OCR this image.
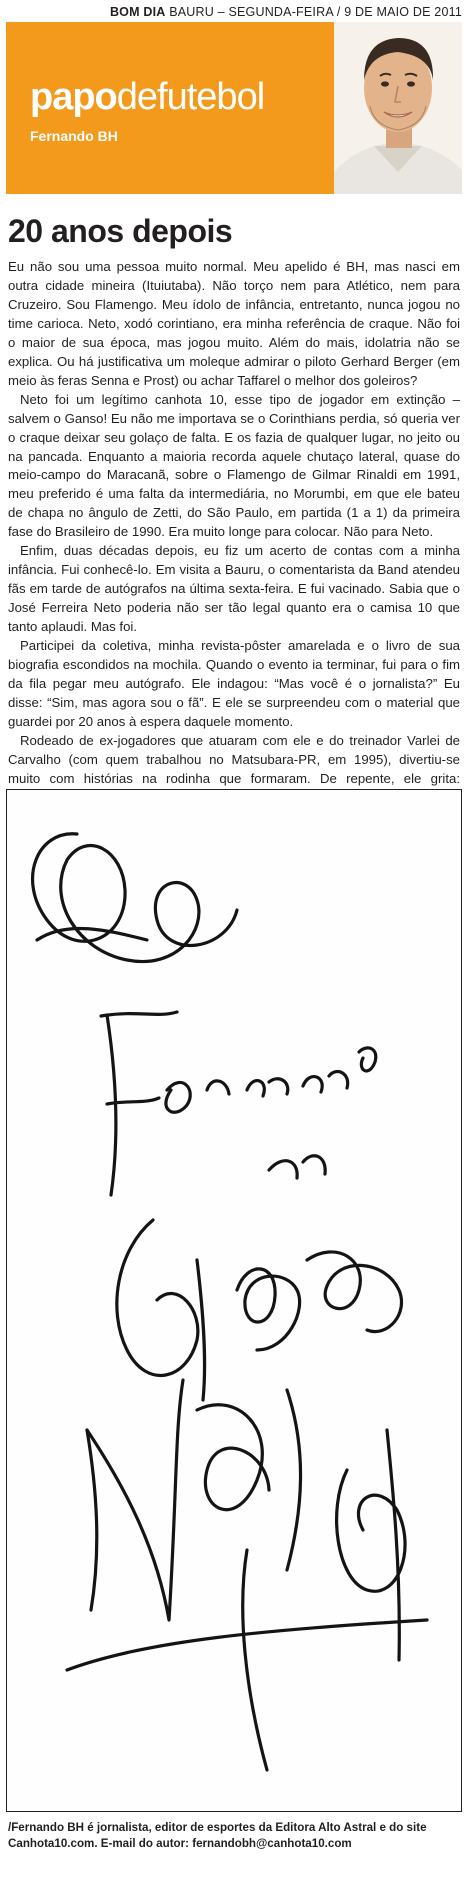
BOM DIA BAURU – SEGUNDA-FEIRA / 9 DE MAIO DE 2011
papodefutebol
Fernando BH
20 anos depois

Eu não sou uma pessoa muito normal. Meu apelido é BH, mas nasci em outra cidade mineira (Ituiutaba). Não torço nem para Atlético, nem para Cruzeiro. Sou Flamengo. Meu ídolo de infância, entretanto, nunca jogou no time carioca. Neto, xodó corintiano, era minha referência de craque. Não foi o maior de sua época, mas jogou muito. Além do mais, idolatria não se explica. Ou há justificativa um moleque admirar o piloto Gerhard Berger (em meio às feras Senna e Prost) ou achar Taffarel o melhor dos goleiros?

Neto foi um legítimo canhota 10, esse tipo de jogador em extinção – salvem o Ganso! Eu não me importava se o Corinthians perdia, só queria ver o craque deixar seu golaço de falta. E os fazia de qualquer lugar, no jeito ou na pancada. Enquanto a maioria recorda aquele chutaço lateral, quase do meio-campo do Maracanã, sobre o Flamengo de Gilmar Rinaldi em 1991, meu preferido é uma falta da intermediária, no Morumbi, em que ele bateu de chapa no ângulo de Zetti, do São Paulo, em partida (1 a 1) da primeira fase do Brasileiro de 1990. Era muito longe para colocar. Não para Neto.

Enfim, duas décadas depois, eu fiz um acerto de contas com a minha infância. Fui conhecê-lo. Em visita a Bauru, o comentarista da Band atendeu fãs em tarde de autógrafos na última sexta-feira. E fui vacinado. Sabia que o José Ferreira Neto poderia não ser tão legal quanto era o camisa 10 que tanto aplaudi. Mas foi.

Participei da coletiva, minha revista-pôster amarelada e o livro de sua biografia escondidos na mochila. Quando o evento ia terminar, fui para o fim da fila pegar meu autógrafo. Ele indagou: “Mas você é o jornalista?” Eu disse: “Sim, mas agora sou o fã”. E ele se surpreendeu com o material que guardei por 20 anos à espera daquele momento.

Rodeado de ex-jogadores que atuaram com ele e do treinador Varlei de Carvalho (com quem trabalhou no Matsubara-PR, em 1995), divertiu-se muito com histórias na rodinha que formaram. De repente, ele grita:

/Fernando BH é jornalista, editor de esportes da Editora Alto Astral e do site Canhota10.com. E-mail do autor: fernandobh@canhota10.com
